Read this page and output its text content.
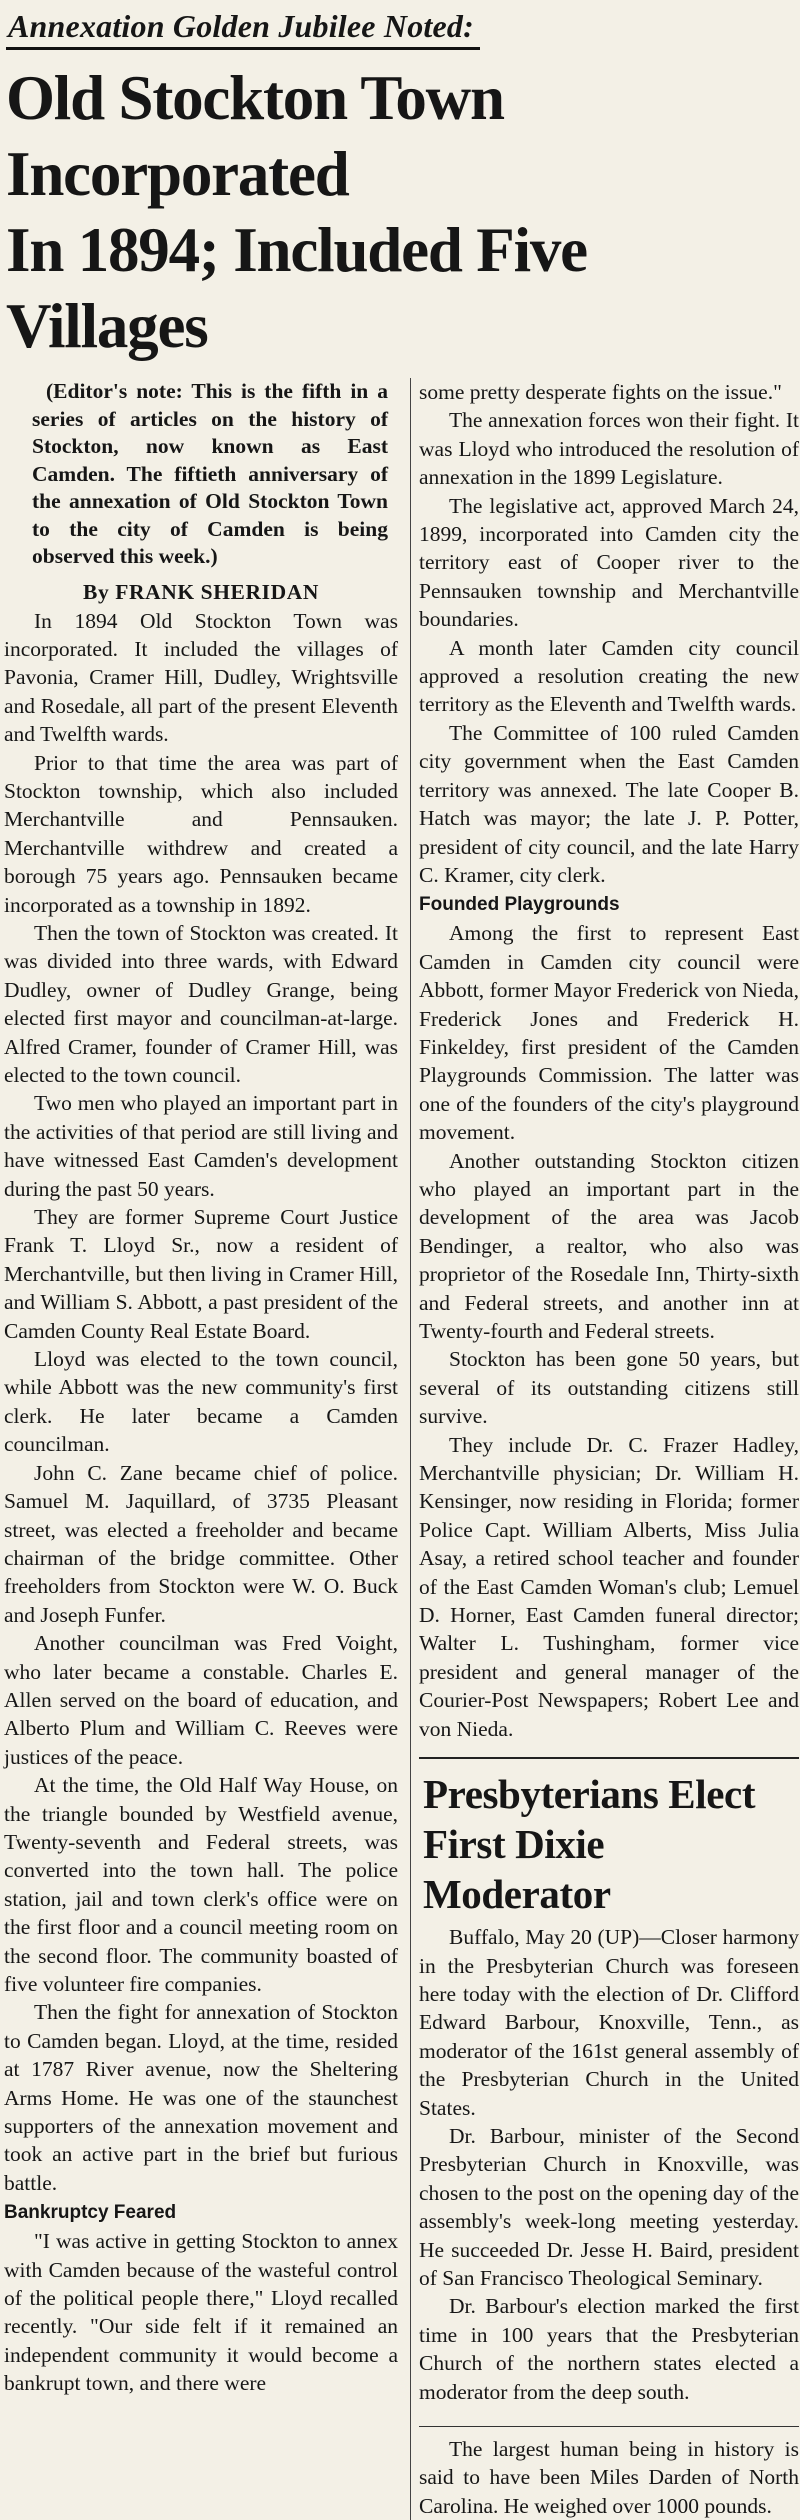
Annexation Golden Jubilee Noted:
Old Stockton Town Incorporated
In 1894; Included Five Villages

(Editor's note: This is the fifth in a series of articles on the history of Stockton, now known as East Camden. The fiftieth anniversary of the annexation of Old Stockton Town to the city of Camden is being observed this week.)

By FRANK SHERIDAN

In 1894 Old Stockton Town was incorporated. It included the villages of Pavonia, Cramer Hill, Dudley, Wrightsville and Rosedale, all part of the present Eleventh and Twelfth wards.

Prior to that time the area was part of Stockton township, which also included Merchantville and Pennsauken. Merchantville withdrew and created a borough 75 years ago. Pennsauken became incorporated as a township in 1892.

Then the town of Stockton was created. It was divided into three wards, with Edward Dudley, owner of Dudley Grange, being elected first mayor and councilman-at-large. Alfred Cramer, founder of Cramer Hill, was elected to the town council.

Two men who played an important part in the activities of that period are still living and have witnessed East Camden's development during the past 50 years.

They are former Supreme Court Justice Frank T. Lloyd Sr., now a resident of Merchantville, but then living in Cramer Hill, and William S. Abbott, a past president of the Camden County Real Estate Board.

Lloyd was elected to the town council, while Abbott was the new community's first clerk. He later became a Camden councilman.

John C. Zane became chief of police. Samuel M. Jaquillard, of 3735 Pleasant street, was elected a freeholder and became chairman of the bridge committee. Other freeholders from Stockton were W. O. Buck and Joseph Funfer.

Another councilman was Fred Voight, who later became a constable. Charles E. Allen served on the board of education, and Alberto Plum and William C. Reeves were justices of the peace.

At the time, the Old Half Way House, on the triangle bounded by Westfield avenue, Twenty-seventh and Federal streets, was converted into the town hall. The police station, jail and town clerk's office were on the first floor and a council meeting room on the second floor. The community boasted of five volunteer fire companies.

Then the fight for annexation of Stockton to Camden began. Lloyd, at the time, resided at 1787 River avenue, now the Sheltering Arms Home. He was one of the staunchest supporters of the annexation movement and took an active part in the brief but furious battle.

Bankruptcy Feared

"I was active in getting Stockton to annex with Camden because of the wasteful control of the political people there," Lloyd recalled recently. "Our side felt if it remained an independent community it would become a bankrupt town, and there were

some pretty desperate fights on the issue."

The annexation forces won their fight. It was Lloyd who introduced the resolution of annexation in the 1899 Legislature.

The legislative act, approved March 24, 1899, incorporated into Camden city the territory east of Cooper river to the Pennsauken township and Merchantville boundaries.

A month later Camden city council approved a resolution creating the new territory as the Eleventh and Twelfth wards.

The Committee of 100 ruled Camden city government when the East Camden territory was annexed. The late Cooper B. Hatch was mayor; the late J. P. Potter, president of city council, and the late Harry C. Kramer, city clerk.

Founded Playgrounds

Among the first to represent East Camden in Camden city council were Abbott, former Mayor Frederick von Nieda, Frederick Jones and Frederick H. Finkeldey, first president of the Camden Playgrounds Commission. The latter was one of the founders of the city's playground movement.

Another outstanding Stockton citizen who played an important part in the development of the area was Jacob Bendinger, a realtor, who also was proprietor of the Rosedale Inn, Thirty-sixth and Federal streets, and another inn at Twenty-fourth and Federal streets.

Stockton has been gone 50 years, but several of its outstanding citizens still survive.

They include Dr. C. Frazer Hadley, Merchantville physician; Dr. William H. Kensinger, now residing in Florida; former Police Capt. William Alberts, Miss Julia Asay, a retired school teacher and founder of the East Camden Woman's club; Lemuel D. Horner, East Camden funeral director; Walter L. Tushingham, former vice president and general manager of the Courier-Post Newspapers; Robert Lee and von Nieda.

Presbyterians Elect
First Dixie Moderator

Buffalo, May 20 (UP)—Closer harmony in the Presbyterian Church was foreseen here today with the election of Dr. Clifford Edward Barbour, Knoxville, Tenn., as moderator of the 161st general assembly of the Presbyterian Church in the United States.

Dr. Barbour, minister of the Second Presbyterian Church in Knoxville, was chosen to the post on the opening day of the assembly's week-long meeting yesterday. He succeeded Dr. Jesse H. Baird, president of San Francisco Theological Seminary.

Dr. Barbour's election marked the first time in 100 years that the Presbyterian Church of the northern states elected a moderator from the deep south.

The largest human being in history is said to have been Miles Darden of North Carolina. He weighed over 1000 pounds.
